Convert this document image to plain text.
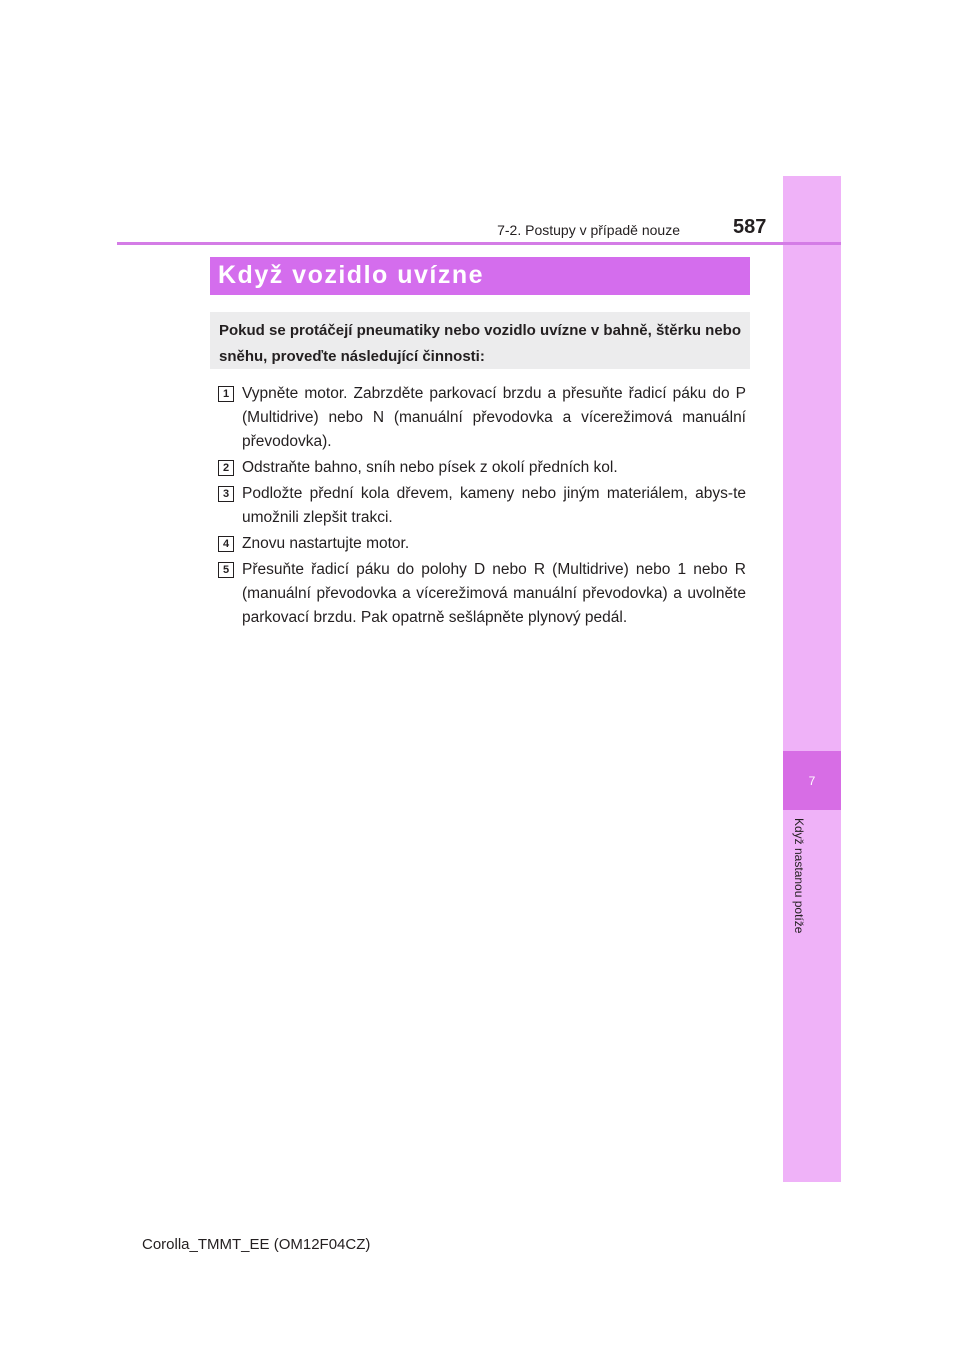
7
Když nastanou potíže
7-2. Postupy v případě nouze	587
Když vozidlo uvízne
Pokud se protáčejí pneumatiky nebo vozidlo uvízne v bahně, štěrku nebo sněhu, proveďte následující činnosti:
1 Vypněte motor. Zabrzděte parkovací brzdu a přesuňte řadicí páku do P (Multidrive) nebo N (manuální převodovka a vícerežimová manuální převodovka).
2 Odstraňte bahno, sníh nebo písek z okolí předních kol.
3 Podložte přední kola dřevem, kameny nebo jiným materiálem, abys-te umožnili zlepšit trakci.
4 Znovu nastartujte motor.
5 Přesuňte řadicí páku do polohy D nebo R (Multidrive) nebo 1 nebo R (manuální převodovka a vícerežimová manuální převodovka) a uvolněte parkovací brzdu. Pak opatrně sešlápněte plynový pedál.
Corolla_TMMT_EE (OM12F04CZ)
